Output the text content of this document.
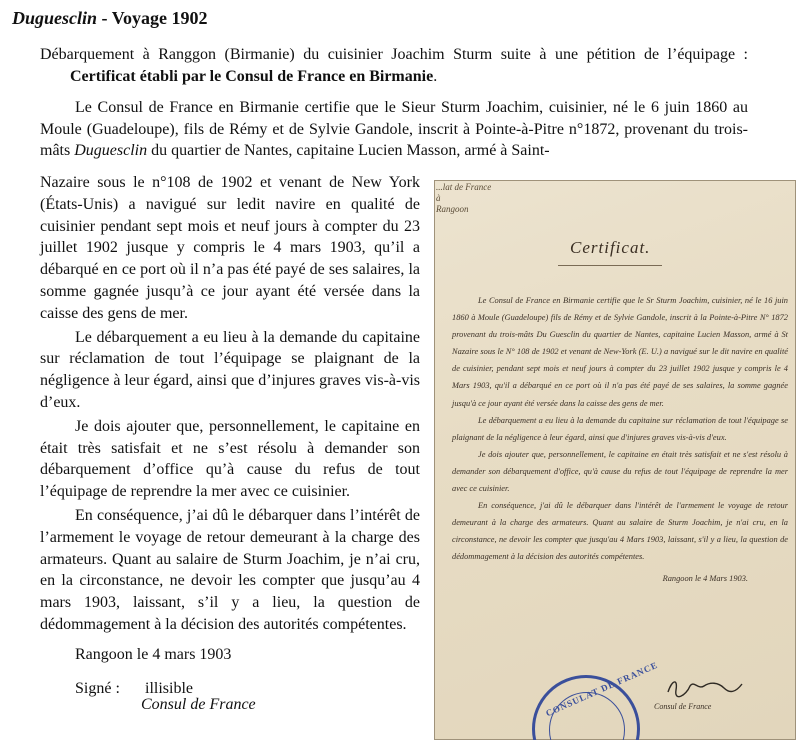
Duguesclin - Voyage 1902
Débarquement à Ranggon (Birmanie) du cuisinier Joachim Sturm suite à une pétition de l’équipage : Certificat établi par le Consul de France en Birmanie.
Le Consul de France en Birmanie certifie que le Sieur Sturm Joachim, cuisinier, né le 6 juin 1860 au Moule (Guadeloupe), fils de Rémy et de Sylvie Gandole, inscrit à Pointe-à-Pitre n°1872, provenant du trois-mâts Duguesclin du quartier de Nantes, capitaine Lucien Masson, armé à Saint-

Nazaire sous le n°108 de 1902 et venant de New York (États-Unis) a navigué sur ledit navire en qualité de cuisinier pendant sept mois et neuf jours à compter du 23 juillet 1902 jusque y compris le 4 mars 1903, qu’il a débarqué en ce port où il n’a pas été payé de ses salaires, la somme gagnée jusqu’à ce jour ayant été versée dans la caisse des gens de mer.

Le débarquement a eu lieu à la demande du capitaine sur réclamation de tout l’équipage se plaignant de la négligence à leur égard, ainsi que d’injures graves vis-à-vis d’eux.

Je dois ajouter que, personnellement, le capitaine en était très satisfait et ne s’est résolu à demander son débarquement d’office qu’à cause du refus de tout l’équipage de reprendre la mer avec ce cuisinier.

En conséquence, j’ai dû le débarquer dans l’intérêt de l’armement le voyage de retour demeurant à la charge des armateurs. Quant au salaire de Sturm Joachim, je n’ai cru, en la circonstance, ne devoir les compter que jusqu’au 4 mars 1903, laissant, s’il y a lieu, la question de dédommagement à la décision des autorités compétentes.

Rangoon le 4 mars 1903
Signé : illisible
Consul de France
...lat de France
à
Rangoon
Certificat.

Le Consul de France en Birmanie certifie que le Sr Sturm Joachim, cuisinier, né le 16 juin 1860 à Moule (Guadeloupe) fils de Rémy et de Sylvie Gandole, inscrit à la Pointe-à-Pitre N° 1872 provenant du trois-mâts Du Guesclin du quartier de Nantes, capitaine Lucien Masson, armé à St Nazaire sous le N° 108 de 1902 et venant de New-York (E. U.) a navigué sur le dit navire en qualité de cuisinier, pendant sept mois et neuf jours à compter du 23 juillet 1902 jusque y compris le 4 Mars 1903, qu'il a débarqué en ce port où il n'a pas été payé de ses salaires, la somme gagnée jusqu'à ce jour ayant été versée dans la caisse des gens de mer.

Le débarquement a eu lieu à la demande du capitaine sur réclamation de tout l'équipage se plaignant de la négligence à leur égard, ainsi que d'injures graves vis-à-vis d'eux.

Je dois ajouter que, personnellement, le capitaine en était très satisfait et ne s'est résolu à demander son débarquement d'office, qu'à cause du refus de tout l'équipage de reprendre la mer avec ce cuisinier.

En conséquence, j'ai dû le débarquer dans l'intérêt de l'armement le voyage de retour demeurant à la charge des armateurs. Quant au salaire de Sturm Joachim, je n'ai cru, en la circonstance, ne devoir les compter que jusqu'au 4 Mars 1903, laissant, s'il y a lieu, la question de dédommagement à la décision des autorités compétentes.

Rangoon le 4 Mars 1903.

CONSULAT DE FRANCE
Consul de France
